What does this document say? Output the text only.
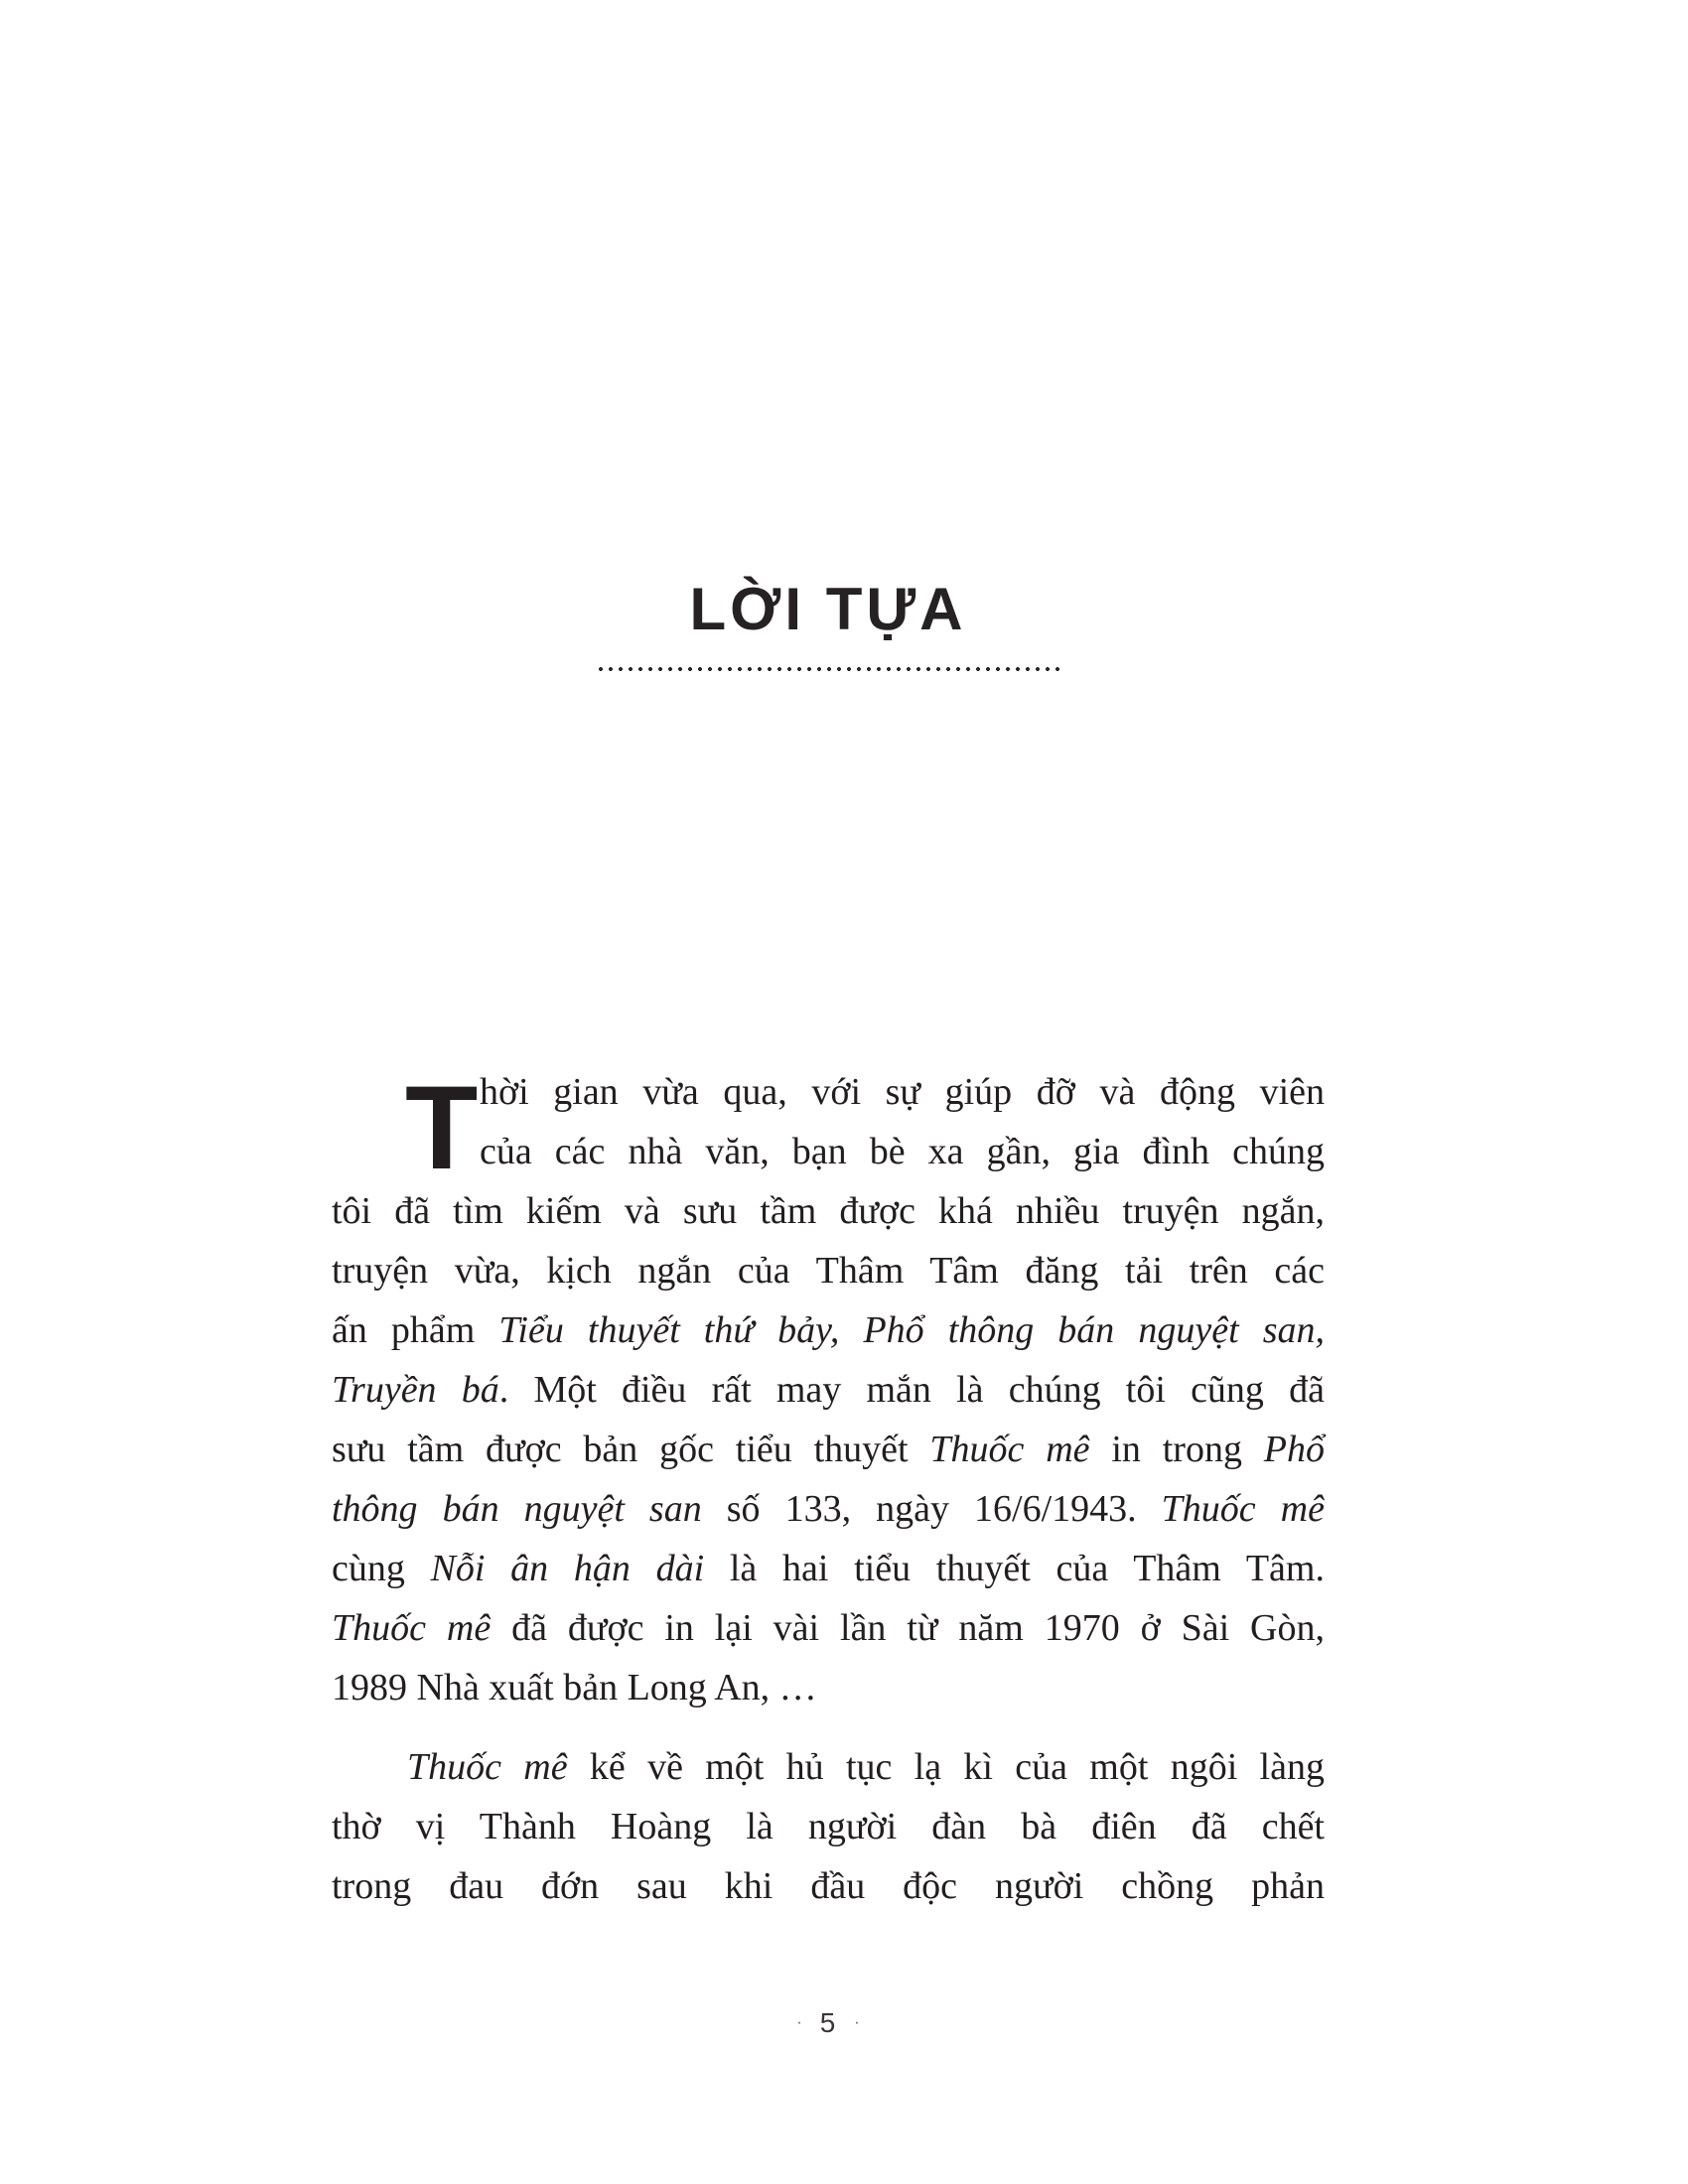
LỜI TỰA
T hời gian vừa qua, với sự giúp đỡ và động viên
của các nhà văn, bạn bè xa gần, gia đình chúng
tôi đã tìm kiếm và sưu tầm được khá nhiều truyện ngắn,
truyện vừa, kịch ngắn của Thâm Tâm đăng tải trên các
ấn phẩm Tiểu thuyết thứ bảy, Phổ thông bán nguyệt san,
Truyền bá. Một điều rất may mắn là chúng tôi cũng đã
sưu tầm được bản gốc tiểu thuyết Thuốc mê in trong Phổ
thông bán nguyệt san số 133, ngày 16/6/1943. Thuốc mê
cùng Nỗi ân hận dài là hai tiểu thuyết của Thâm Tâm.
Thuốc mê đã được in lại vài lần từ năm 1970 ở Sài Gòn,
1989 Nhà xuất bản Long An, …
Thuốc mê kể về một hủ tục lạ kì của một ngôi làng
thờ vị Thành Hoàng là người đàn bà điên đã chết
trong đau đớn sau khi đầu độc người chồng phản
· 5 ·
